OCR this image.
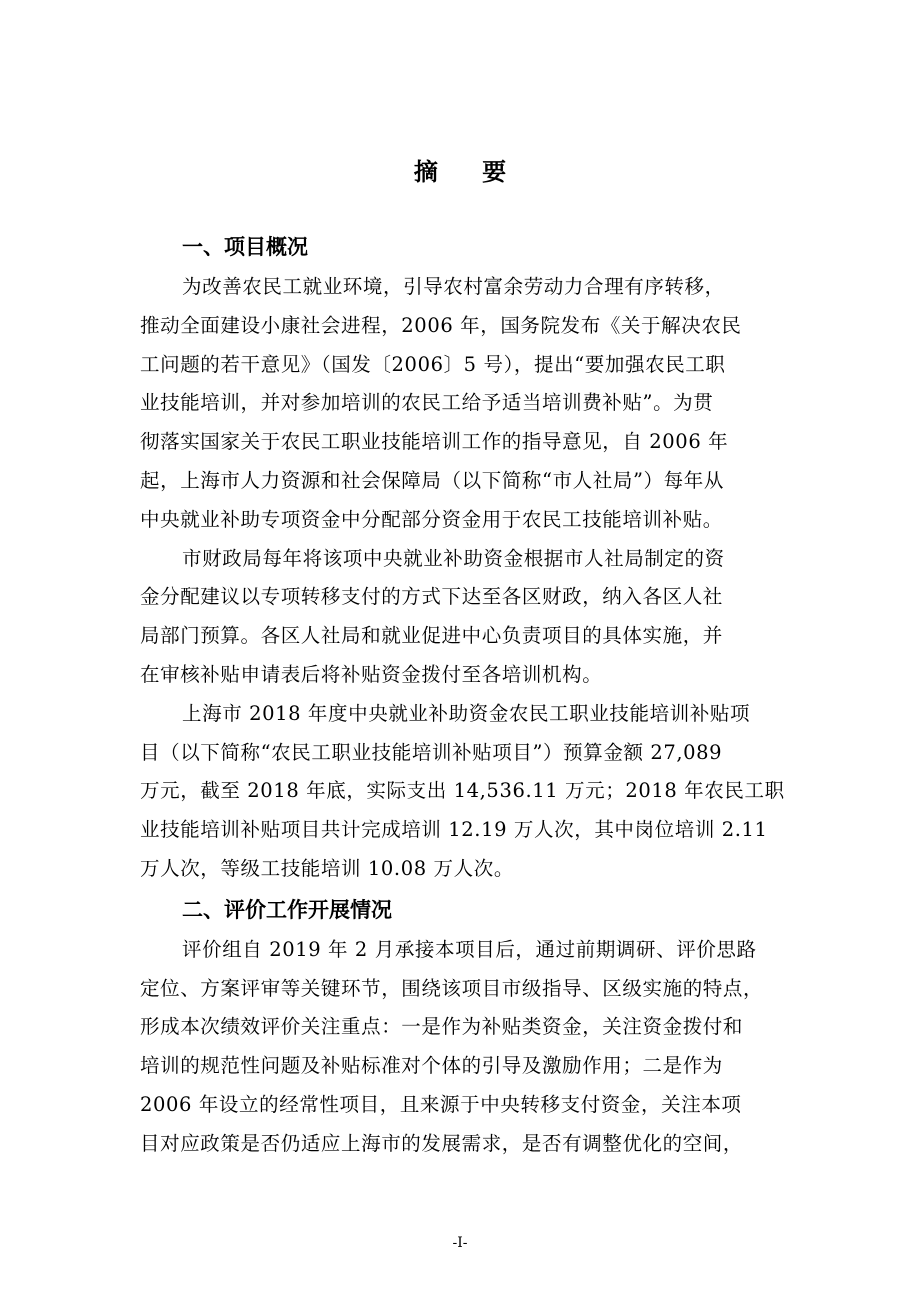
摘 要
一、项目概况
为改善农民工就业环境，引导农村富余劳动力合理有序转移，
推动全面建设小康社会进程，2006 年，国务院发布《关于解决农民
工问题的若干意见》（国发〔2006〕5 号），提出“要加强农民工职
业技能培训，并对参加培训的农民工给予适当培训费补贴”。为贯
彻落实国家关于农民工职业技能培训工作的指导意见，自 2006 年
起，上海市人力资源和社会保障局（以下简称“市人社局”）每年从
中央就业补助专项资金中分配部分资金用于农民工技能培训补贴。
市财政局每年将该项中央就业补助资金根据市人社局制定的资
金分配建议以专项转移支付的方式下达至各区财政，纳入各区人社
局部门预算。各区人社局和就业促进中心负责项目的具体实施，并
在审核补贴申请表后将补贴资金拨付至各培训机构。
上海市 2018 年度中央就业补助资金农民工职业技能培训补贴项
目（以下简称“农民工职业技能培训补贴项目”）预算金额 27,089
万元，截至 2018 年底，实际支出 14,536.11 万元；2018 年农民工职
业技能培训补贴项目共计完成培训 12.19 万人次，其中岗位培训 2.11
万人次，等级工技能培训 10.08 万人次。
二、评价工作开展情况
评价组自 2019 年 2 月承接本项目后，通过前期调研、评价思路
定位、方案评审等关键环节，围绕该项目市级指导、区级实施的特点，
形成本次绩效评价关注重点：一是作为补贴类资金，关注资金拨付和
培训的规范性问题及补贴标准对个体的引导及激励作用；二是作为
2006 年设立的经常性项目，且来源于中央转移支付资金，关注本项
目对应政策是否仍适应上海市的发展需求，是否有调整优化的空间，
-I-
